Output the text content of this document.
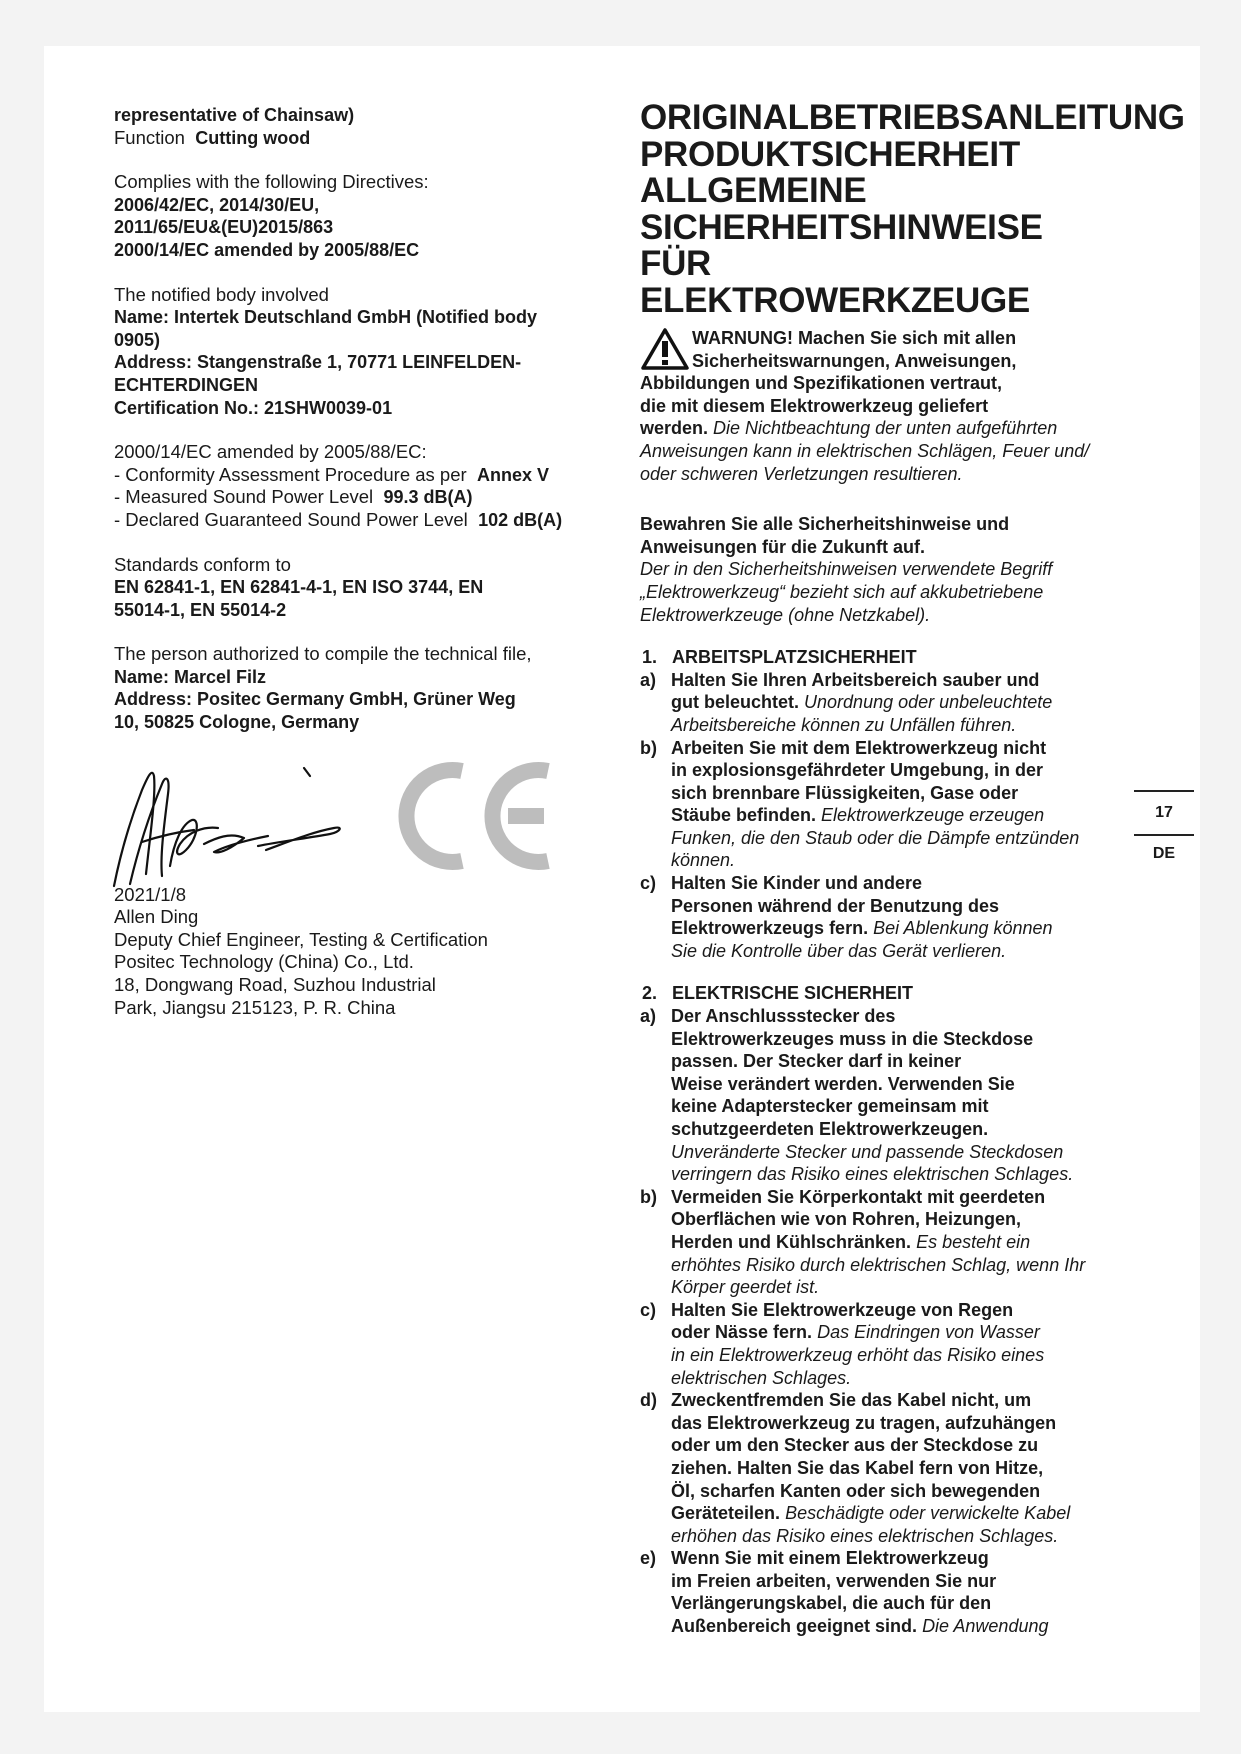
representative of Chainsaw)
Function Cutting wood

Complies with the following Directives:
2006/42/EC, 2014/30/EU,
2011/65/EU&(EU)2015/863
2000/14/EC amended by 2005/88/EC

The notified body involved
Name: Intertek Deutschland GmbH (Notified body
0905)
Address: Stangenstraße 1, 70771 LEINFELDEN-
ECHTERDINGEN
Certification No.: 21SHW0039-01

2000/14/EC amended by 2005/88/EC:
- Conformity Assessment Procedure as per Annex V
- Measured Sound Power Level 99.3 dB(A)
- Declared Guaranteed Sound Power Level 102 dB(A)

Standards conform to
EN 62841-1, EN 62841-4-1, EN ISO 3744, EN
55014-1, EN 55014-2

The person authorized to compile the technical file,
Name: Marcel Filz
Address: Positec Germany GmbH, Grüner Weg
10, 50825 Cologne, Germany

2021/1/8
Allen Ding
Deputy Chief Engineer, Testing & Certification
Positec Technology (China) Co., Ltd.
18, Dongwang Road, Suzhou Industrial
Park, Jiangsu 215123, P. R. China

ORIGINALBETRIEBSANLEITUNG
PRODUKTSICHERHEIT
ALLGEMEINE
SICHERHEITSHINWEISE
FÜR
ELEKTROWERKZEUGE
WARNUNG! Machen Sie sich mit allen
Sicherheitswarnungen, Anweisungen,
Abbildungen und Spezifikationen vertraut,
die mit diesem Elektrowerkzeug geliefert
werden. Die Nichtbeachtung der unten aufgeführten
Anweisungen kann in elektrischen Schlägen, Feuer und/
oder schweren Verletzungen resultieren.
Bewahren Sie alle Sicherheitshinweise und
Anweisungen für die Zukunft auf.
Der in den Sicherheitshinweisen verwendete Begriff
„Elektrowerkzeug“ bezieht sich auf akkubetriebene
Elektrowerkzeuge (ohne Netzkabel).
1. ARBEITSPLATZSICHERHEIT
a) Halten Sie Ihren Arbeitsbereich sauber und
gut beleuchtet. Unordnung oder unbeleuchtete
Arbeitsbereiche können zu Unfällen führen.
b) Arbeiten Sie mit dem Elektrowerkzeug nicht
in explosionsgefährdeter Umgebung, in der
sich brennbare Flüssigkeiten, Gase oder
Stäube befinden. Elektrowerkzeuge erzeugen
Funken, die den Staub oder die Dämpfe entzünden
können.
c) Halten Sie Kinder und andere
Personen während der Benutzung des
Elektrowerkzeugs fern. Bei Ablenkung können
Sie die Kontrolle über das Gerät verlieren.
2. ELEKTRISCHE SICHERHEIT
a) Der Anschlussstecker des
Elektrowerkzeuges muss in die Steckdose
passen. Der Stecker darf in keiner
Weise verändert werden. Verwenden Sie
keine Adapterstecker gemeinsam mit
schutzgeerdeten Elektrowerkzeugen.
Unveränderte Stecker und passende Steckdosen
verringern das Risiko eines elektrischen Schlages.
b) Vermeiden Sie Körperkontakt mit geerdeten
Oberflächen wie von Rohren, Heizungen,
Herden und Kühlschränken. Es besteht ein
erhöhtes Risiko durch elektrischen Schlag, wenn Ihr
Körper geerdet ist.
c) Halten Sie Elektrowerkzeuge von Regen
oder Nässe fern. Das Eindringen von Wasser
in ein Elektrowerkzeug erhöht das Risiko eines
elektrischen Schlages.
d) Zweckentfremden Sie das Kabel nicht, um
das Elektrowerkzeug zu tragen, aufzuhängen
oder um den Stecker aus der Steckdose zu
ziehen. Halten Sie das Kabel fern von Hitze,
Öl, scharfen Kanten oder sich bewegenden
Geräteteilen. Beschädigte oder verwickelte Kabel
erhöhen das Risiko eines elektrischen Schlages.
e) Wenn Sie mit einem Elektrowerkzeug
im Freien arbeiten, verwenden Sie nur
Verlängerungskabel, die auch für den
Außenbereich geeignet sind. Die Anwendung
17
DE
